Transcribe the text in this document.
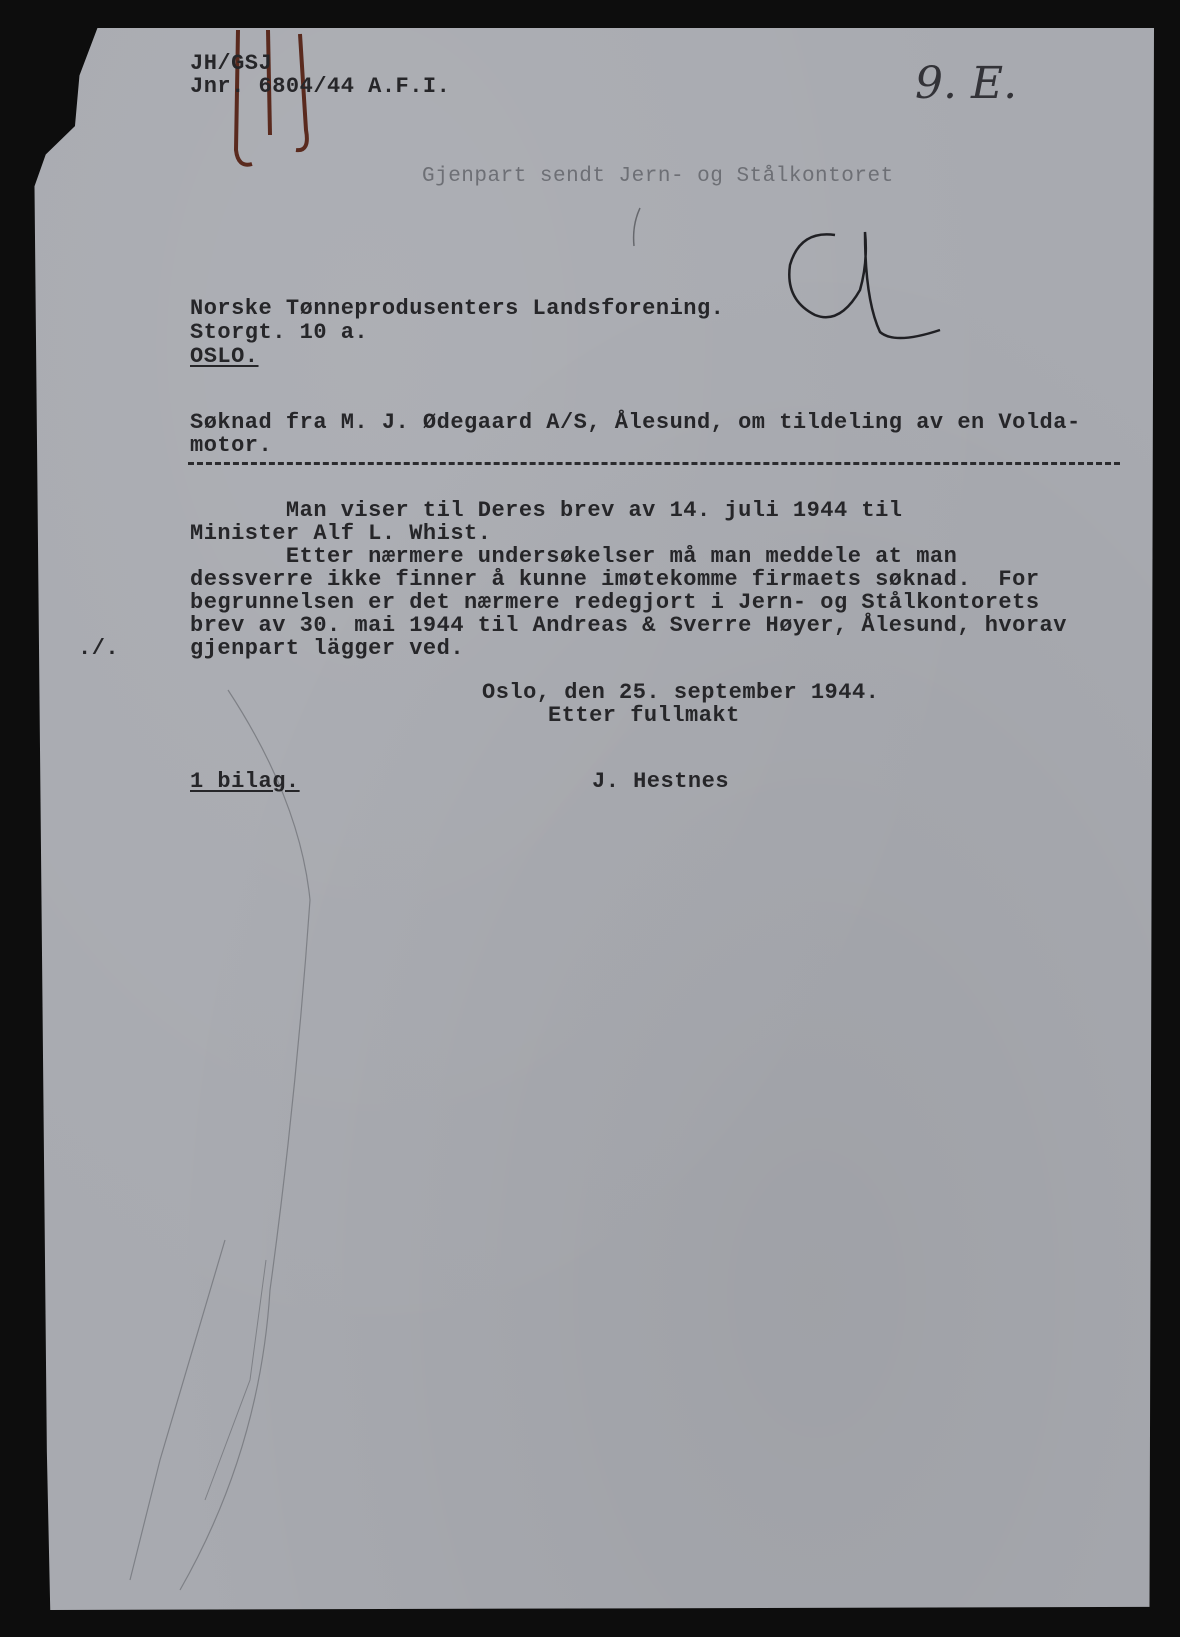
JH/GSJ
Jnr. 6804/44 A.F.I.	9. E.
Gjenpart sendt Jern- og Stålkontoret
Norske Tønneprodusenters Landsforening.
Storgt. 10 a.
OSLO.
Søknad fra M. J. Ødegaard A/S, Ålesund, om tildeling av en Volda-
motor.
Man viser til Deres brev av 14. juli 1944 til
Minister Alf L. Whist.
Etter nærmere undersøkelser må man meddele at man
dessverre ikke finner å kunne imøtekomme firmaets søknad.  For
begrunnelsen er det nærmere redegjort i Jern- og Stålkontorets
brev av 30. mai 1944 til Andreas & Sverre Høyer, Ålesund, hvorav
gjenpart lägger ved.
./.
Oslo, den 25. september 1944.
Etter fullmakt
1 bilag.	J. Hestnes
